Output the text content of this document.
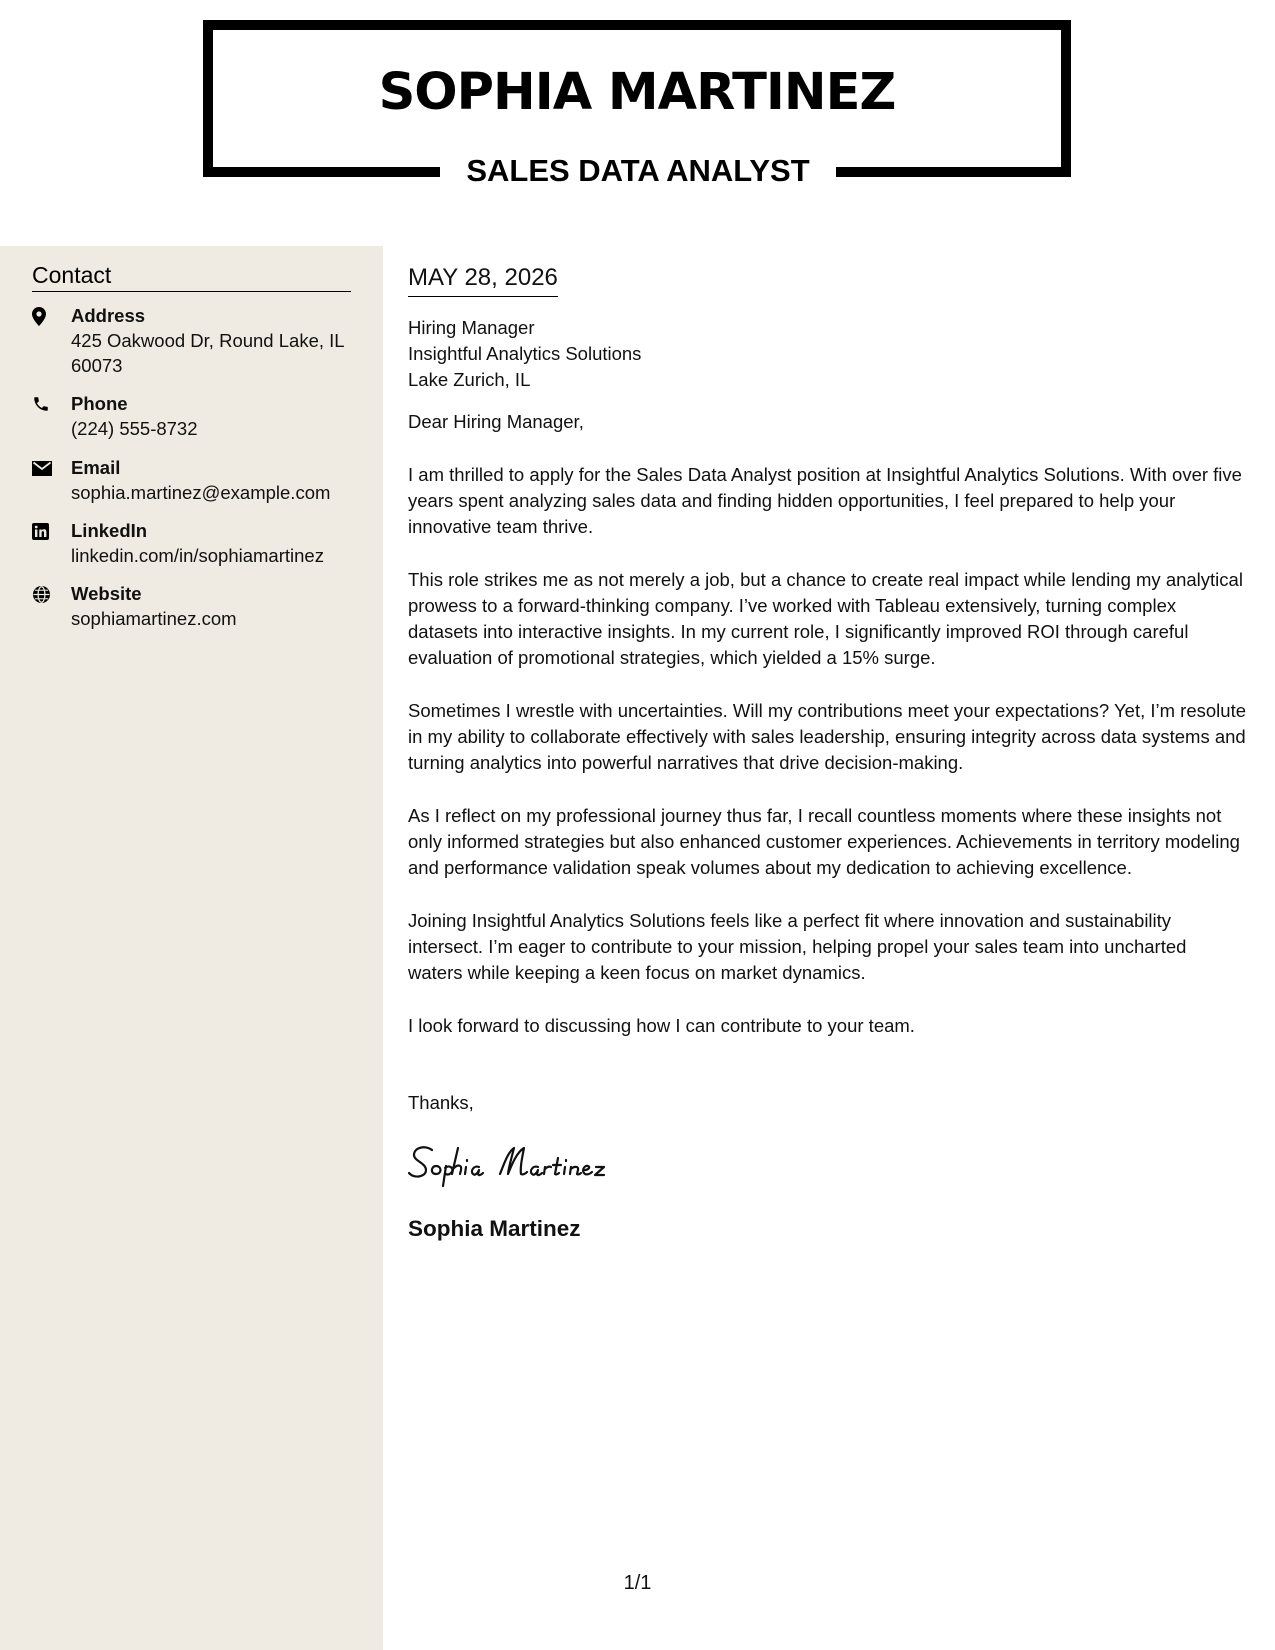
SOPHIA MARTINEZ
SALES DATA ANALYST
Contact
Address
425 Oakwood Dr, Round Lake, IL 60073
Phone
(224) 555-8732
Email
sophia.martinez@example.com
LinkedIn
linkedin.com/in/sophiamartinez
Website
sophiamartinez.com
MAY 28, 2026
Hiring Manager
Insightful Analytics Solutions
Lake Zurich, IL

Dear Hiring Manager,

I am thrilled to apply for the Sales Data Analyst position at Insightful Analytics Solutions. With over five years spent analyzing sales data and finding hidden opportunities, I feel prepared to help your innovative team thrive.

This role strikes me as not merely a job, but a chance to create real impact while lending my analytical prowess to a forward-thinking company. I’ve worked with Tableau extensively, turning complex datasets into interactive insights. In my current role, I significantly improved ROI through careful evaluation of promotional strategies, which yielded a 15% surge.

Sometimes I wrestle with uncertainties. Will my contributions meet your expectations? Yet, I’m resolute in my ability to collaborate effectively with sales leadership, ensuring integrity across data systems and turning analytics into powerful narratives that drive decision-making.

As I reflect on my professional journey thus far, I recall countless moments where these insights not only informed strategies but also enhanced customer experiences. Achievements in territory modeling and performance validation speak volumes about my dedication to achieving excellence.

Joining Insightful Analytics Solutions feels like a perfect fit where innovation and sustainability intersect. I’m eager to contribute to your mission, helping propel your sales team into uncharted waters while keeping a keen focus on market dynamics.

I look forward to discussing how I can contribute to your team.

Thanks,

Sophia Martinez

1/1
